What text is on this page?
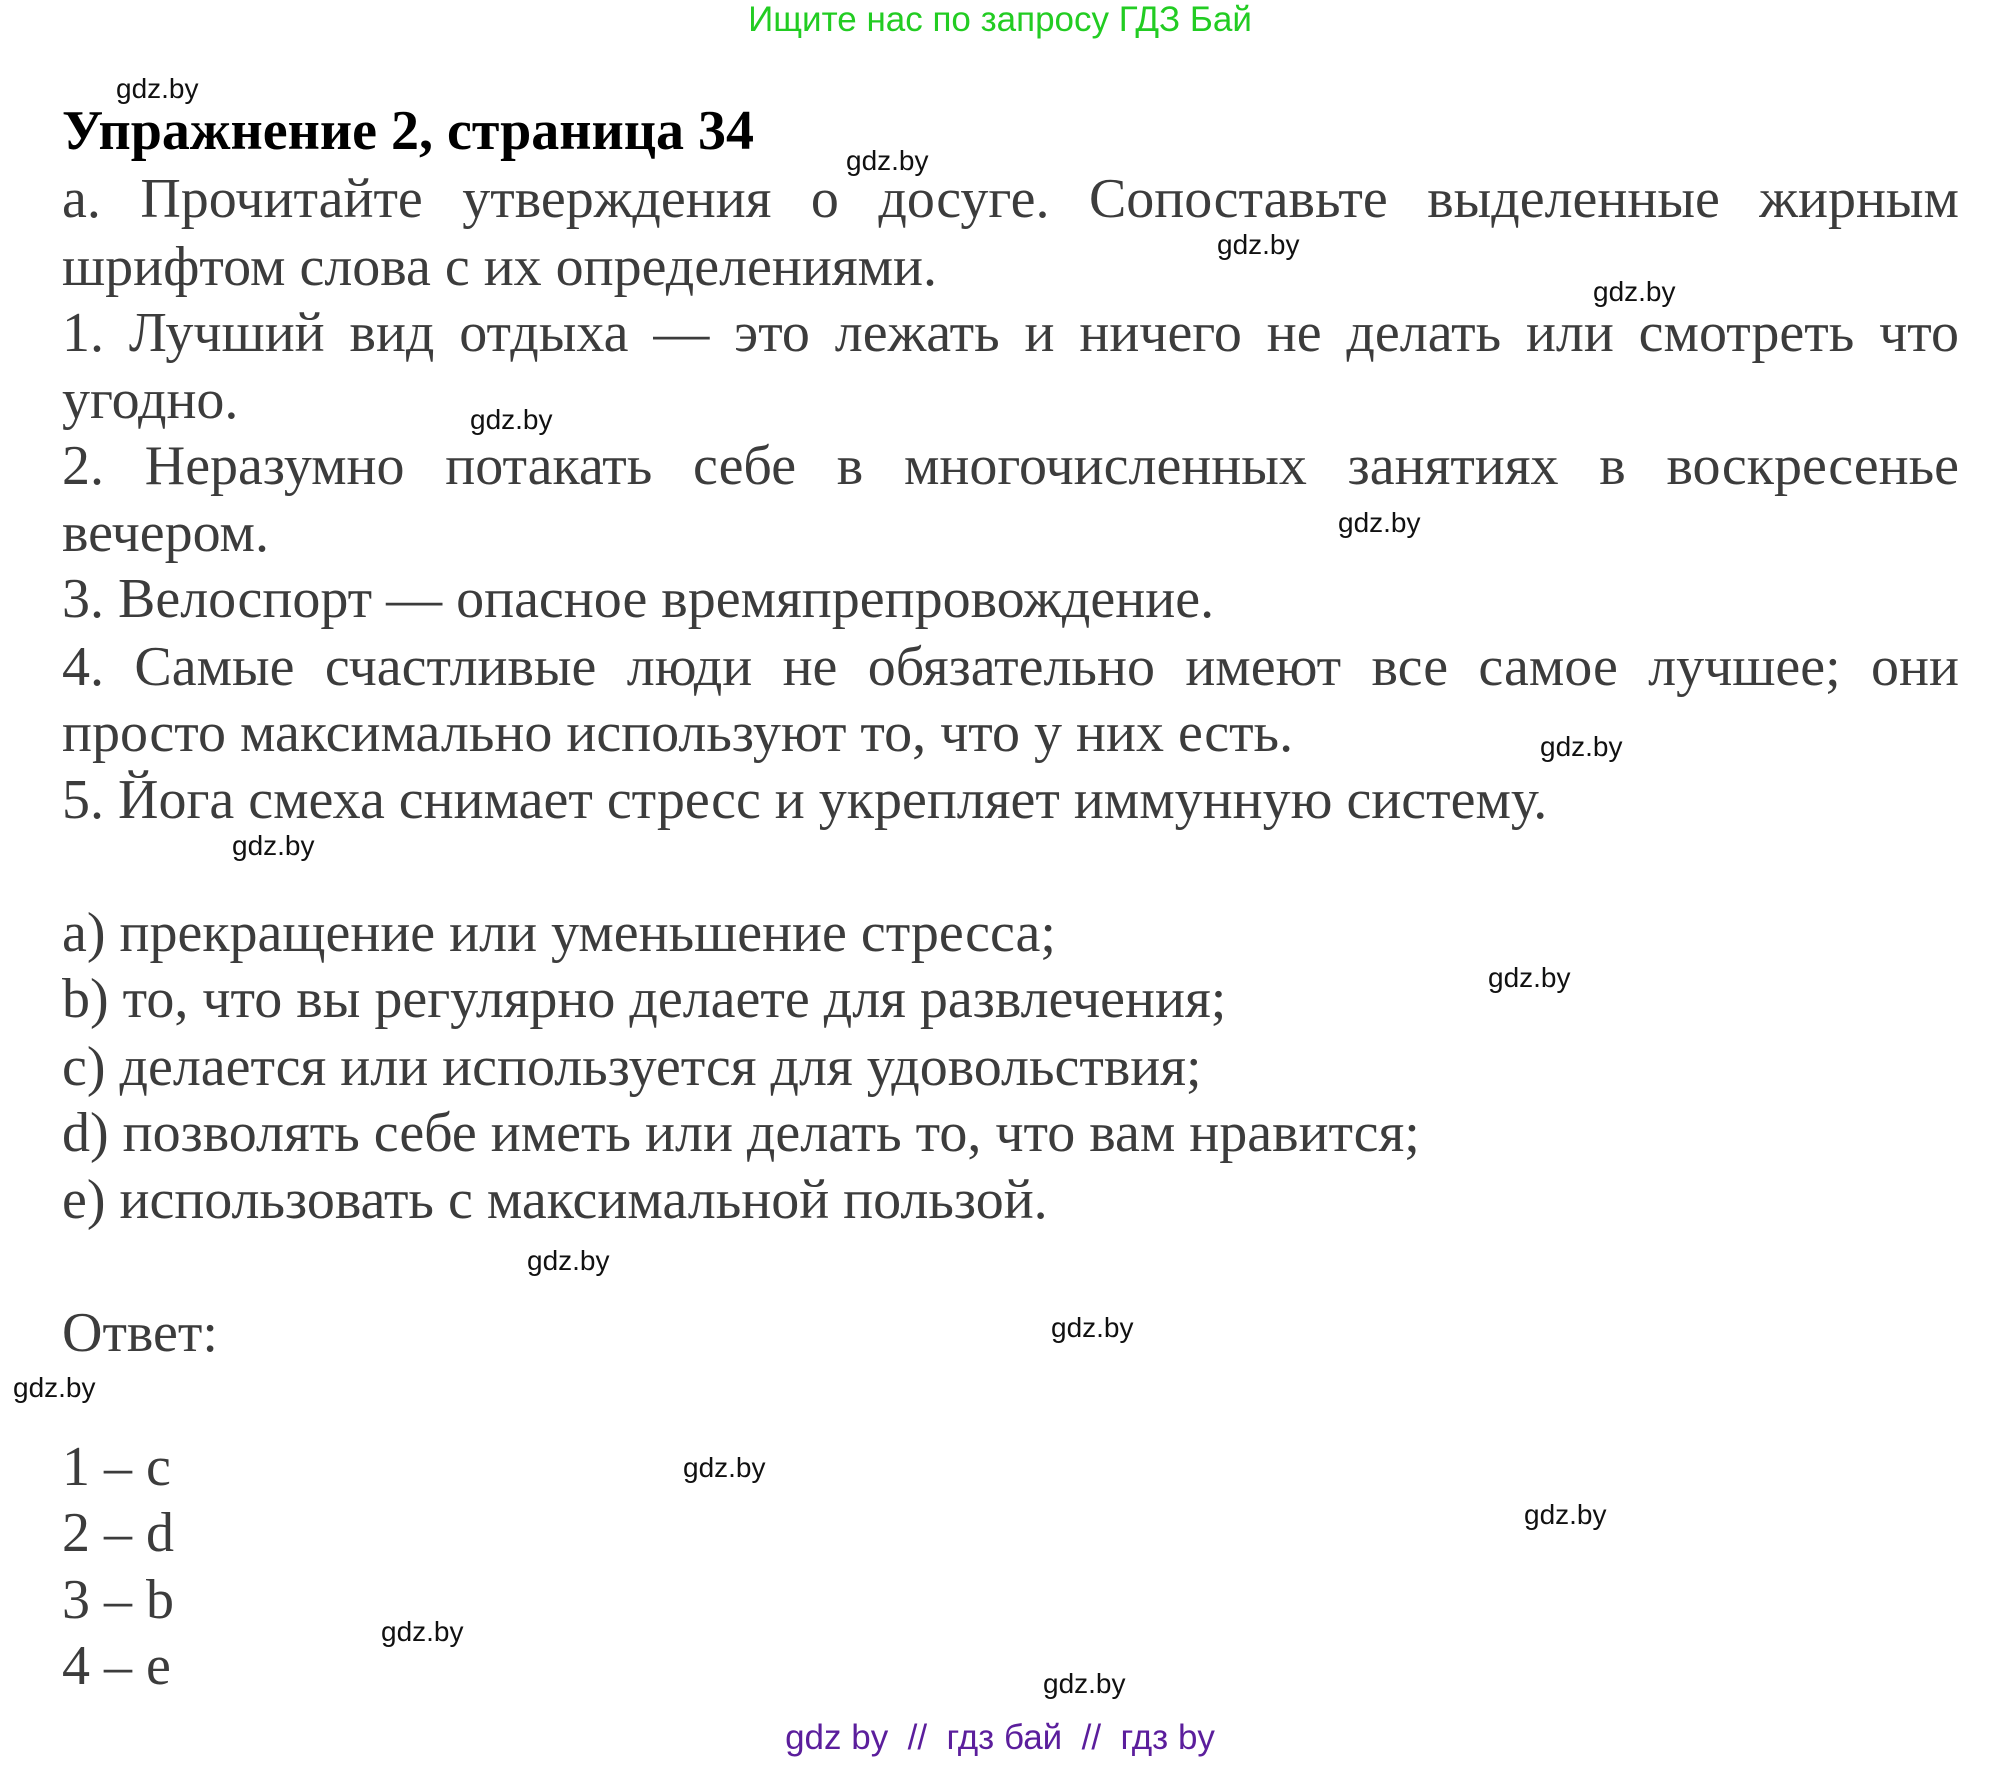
Ищите нас по запросу ГДЗ Бай
Упражнение 2, страница 34
а. Прочитайте утверждения о досуге. Сопоставьте выделенные жирным
шрифтом слова с их определениями.
1. Лучший вид отдыха — это лежать и ничего не делать или смотреть что
угодно.
2. Неразумно потакать себе в многочисленных занятиях в воскресенье
вечером.
3. Велоспорт — опасное времяпрепровождение.
4. Самые счастливые люди не обязательно имеют все самое лучшее; они
просто максимально используют то, что у них есть.
5. Йога смеха снимает стресс и укрепляет иммунную систему.
a) прекращение или уменьшение стресса;
b) то, что вы регулярно делаете для развлечения;
c) делается или используется для удовольствия;
d) позволять себе иметь или делать то, что вам нравится;
e) использовать с максимальной пользой.
Ответ:
1 – c
2 – d
3 – b
4 – e
gdz.by
gdz.by
gdz.by
gdz.by
gdz.by
gdz.by
gdz.by
gdz.by
gdz.by
gdz.by
gdz.by
gdz.by
gdz.by
gdz.by
gdz.by
gdz.by
gdz by  //  гдз бай  //  гдз by
